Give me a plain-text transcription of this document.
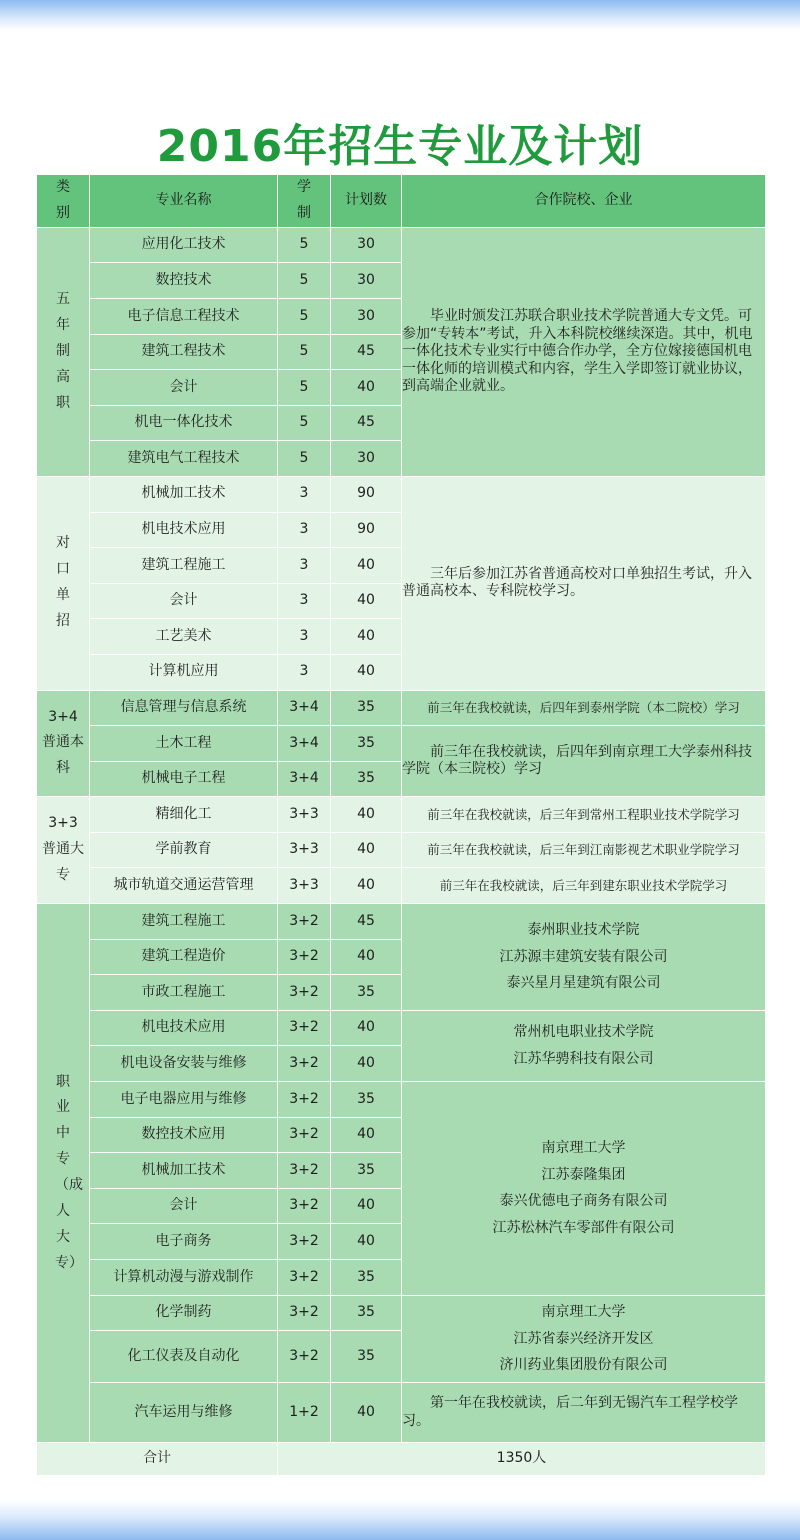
2016年招生专业及计划
类别	专业名称	学制	计划数	合作院校、企业
五年制高职	应用化工技术	5	30	毕业时颁发江苏联合职业技术学院普通大专文凭。可参加“专转本”考试，升入本科院校继续深造。其中，机电一体化技术专业实行中德合作办学，全方位嫁接德国机电一体化师的培训模式和内容，学生入学即签订就业协议，到高端企业就业。
	数控技术	5	30	
	电子信息工程技术	5	30	
	建筑工程技术	5	45	
	会计	5	40	
	机电一体化技术	5	45	
	建筑电气工程技术	5	30	
对口单招	机械加工技术	3	90	三年后参加江苏省普通高校对口单独招生考试，升入普通高校本、专科院校学习。
	机电技术应用	3	90	
	建筑工程施工	3	40	
	会计	3	40	
	工艺美术	3	40	
	计算机应用	3	40	
3+4普通本科	信息管理与信息系统	3+4	35	前三年在我校就读，后四年到泰州学院（本二院校）学习
	土木工程	3+4	35	前三年在我校就读，后四年到南京理工大学泰州科技学院（本三院校）学习
	机械电子工程	3+4	35	
3+3普通大专	精细化工	3+3	40	前三年在我校就读，后三年到常州工程职业技术学院学习
	学前教育	3+3	40	前三年在我校就读，后三年到江南影视艺术职业学院学习
	城市轨道交通运营管理	3+3	40	前三年在我校就读，后三年到建东职业技术学院学习
职业中专（成人大专）	建筑工程施工	3+2	45	泰州职业技术学院
江苏源丰建筑安装有限公司
泰兴星月星建筑有限公司

	建筑工程造价	3+2	40	
	市政工程施工	3+2	35	
	机电技术应用	3+2	40	常州机电职业技术学院
江苏华骋科技有限公司

	机电设备安装与维修	3+2	40	
	电子电器应用与维修	3+2	35	南京理工大学
江苏泰隆集团
泰兴优德电子商务有限公司
江苏松林汽车零部件有限公司

	数控技术应用	3+2	40	
	机械加工技术	3+2	35	
	会计	3+2	40	
	电子商务	3+2	40	
	计算机动漫与游戏制作	3+2	35	
	化学制药	3+2	35	南京理工大学
江苏省泰兴经济开发区
济川药业集团股份有限公司

	化工仪表及自动化	3+2	35	
	汽车运用与维修	1+2	40	第一年在我校就读，后二年到无锡汽车工程学校学习。
合计		1350人		
